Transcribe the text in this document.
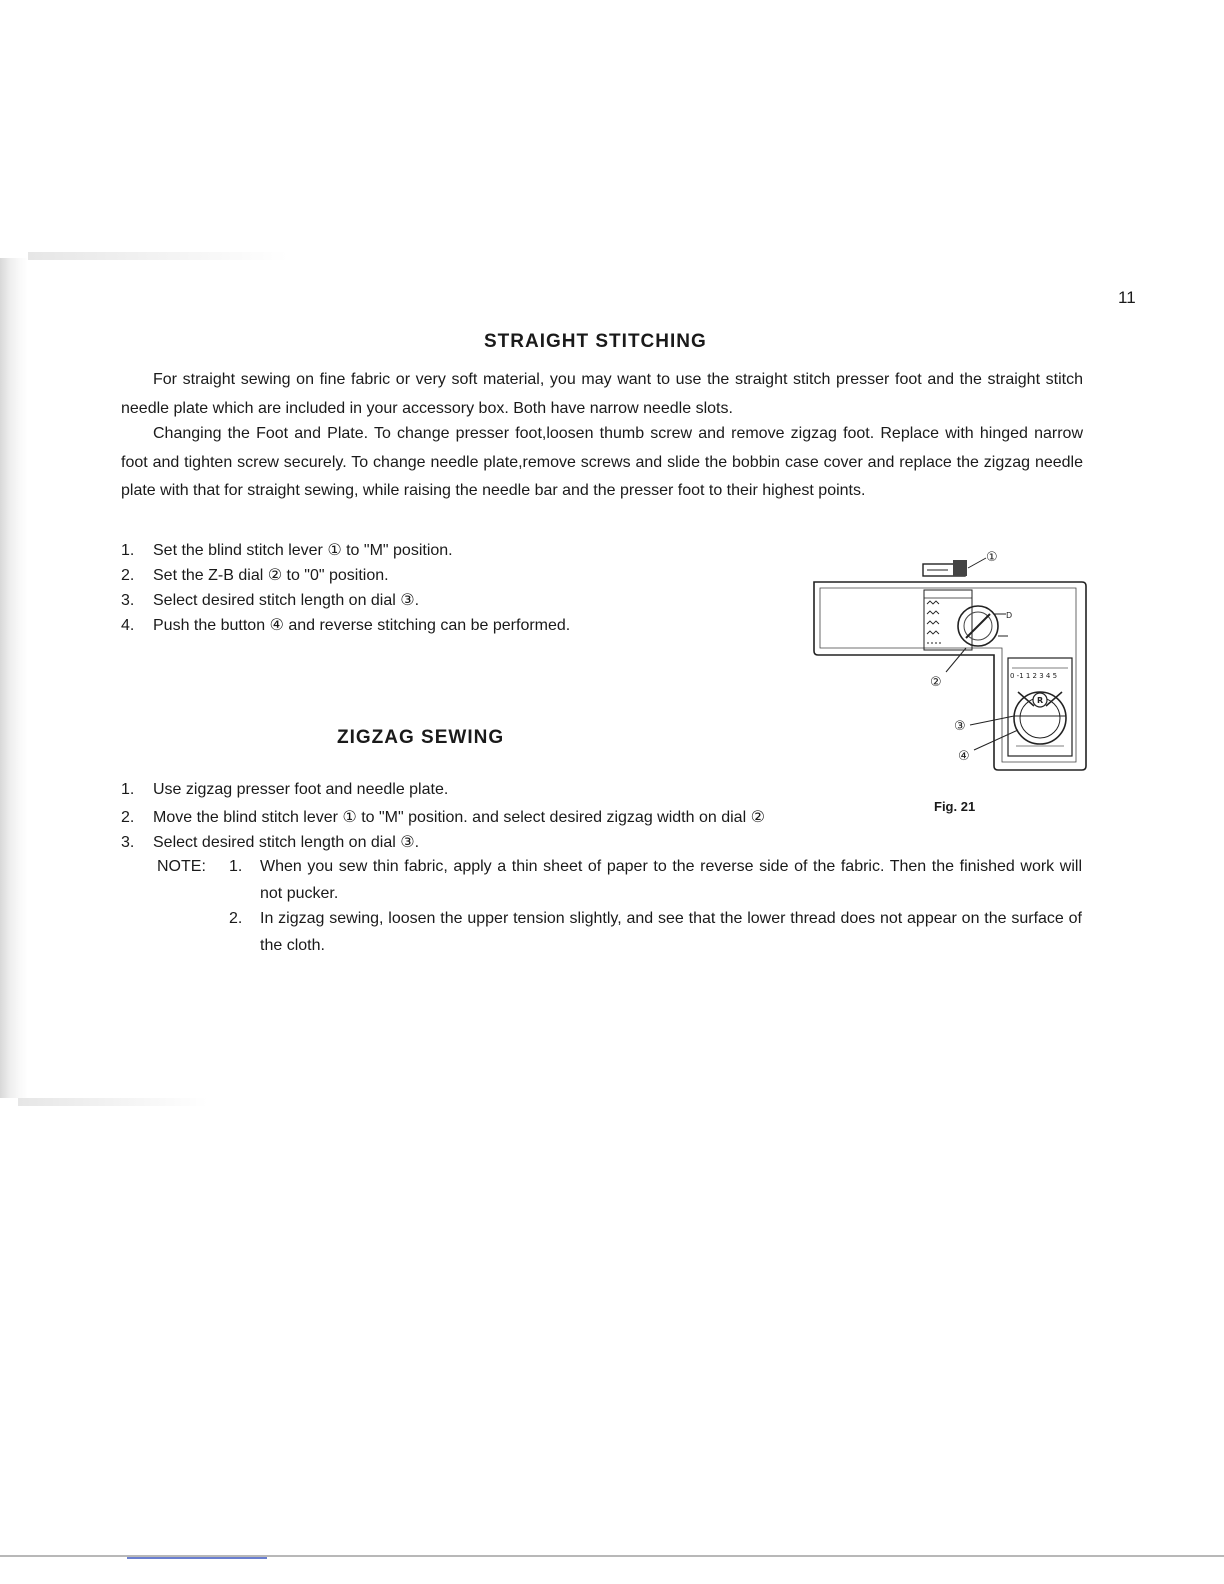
11
STRAIGHT STITCHING

For straight sewing on fine fabric or very soft material, you may want to use the straight stitch presser foot and the straight stitch needle plate which are included in your accessory box. Both have narrow needle slots.

Changing the Foot and Plate. To change presser foot,loosen thumb screw and remove zigzag foot. Replace with hinged narrow foot and tighten screw securely. To change needle plate,remove screws and slide the bobbin case cover and replace the zigzag needle plate with that for straight sewing, while raising the needle bar and the presser foot to their highest points.

1. Set the blind stitch lever ① to "M" position.
2. Set the Z-B dial ② to "0" position.
3. Select desired stitch length on dial ③.
4. Push the button ④ and reverse stitching can be performed.
①
D
②	0 -1 1 2 3 4 5
R
③
④
Fig. 21
ZIGZAG SEWING
1. Use zigzag presser foot and needle plate.
2. Move the blind stitch lever ① to "M" position. and select desired zigzag width on dial ②
3. Select desired stitch length on dial ③.
NOTE: 1. When you sew thin fabric, apply a thin sheet of paper to the reverse side of the fabric. Then the finished work will not pucker.
2. In zigzag sewing, loosen the upper tension slightly, and see that the lower thread does not appear on the surface of the cloth.
